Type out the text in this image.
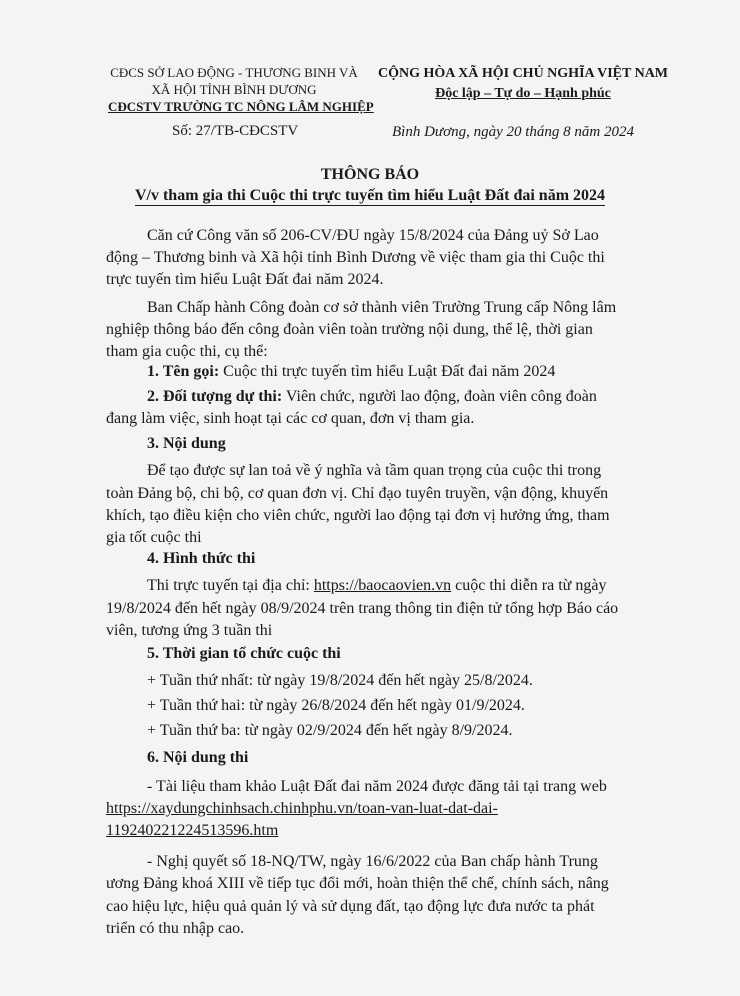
CĐCS SỞ LAO ĐỘNG - THƯƠNG BINH VÀ
XÃ HỘI TỈNH BÌNH DƯƠNG
CĐCSTV TRƯỜNG TC NÔNG LÂM NGHIỆP
CỘNG HÒA XÃ HỘI CHỦ NGHĨA VIỆT NAM
Độc lập – Tự do – Hạnh phúc
Số: 27/TB-CĐCSTV	Bình Dương, ngày 20 tháng 8 năm 2024
THÔNG BÁO
V/v tham gia thi Cuộc thi trực tuyến tìm hiểu Luật Đất đai năm 2024
Căn cứ Công văn số 206-CV/ĐU ngày 15/8/2024 của Đảng uỷ Sở Lao
động – Thương binh và Xã hội tỉnh Bình Dương về việc tham gia thi Cuộc thi
trực tuyến tìm hiểu Luật Đất đai năm 2024.
Ban Chấp hành Công đoàn cơ sở thành viên Trường Trung cấp Nông lâm
nghiệp thông báo đến công đoàn viên toàn trường nội dung, thể lệ, thời gian
tham gia cuộc thi, cụ thể:
1. Tên gọi: Cuộc thi trực tuyến tìm hiểu Luật Đất đai năm 2024
2. Đối tượng dự thi: Viên chức, người lao động, đoàn viên công đoàn
đang làm việc, sinh hoạt tại các cơ quan, đơn vị tham gia.
3. Nội dung
Để tạo được sự lan toả về ý nghĩa và tầm quan trọng của cuộc thi trong
toàn Đảng bộ, chi bộ, cơ quan đơn vị. Chỉ đạo tuyên truyền, vận động, khuyến
khích, tạo điều kiện cho viên chức, người lao động tại đơn vị hưởng ứng, tham
gia tốt cuộc thi
4. Hình thức thi
Thi trực tuyến tại địa chỉ: https://baocaovien.vn cuộc thi diễn ra từ ngày
19/8/2024 đến hết ngày 08/9/2024 trên trang thông tin điện tử tổng hợp Báo cáo
viên, tương ứng 3 tuần thi
5. Thời gian tổ chức cuộc thi
+ Tuần thứ nhất: từ ngày 19/8/2024 đến hết ngày 25/8/2024.
+ Tuần thứ hai: từ ngày 26/8/2024 đến hết ngày 01/9/2024.
+ Tuần thứ ba: từ ngày 02/9/2024 đến hết ngày 8/9/2024.
6. Nội dung thi
- Tài liệu tham khảo Luật Đất đai năm 2024 được đăng tải tại trang web
https://xaydungchinhsach.chinhphu.vn/toan-van-luat-dat-dai-
119240221224513596.htm
- Nghị quyết số 18-NQ/TW, ngày 16/6/2022 của Ban chấp hành Trung
ương Đảng khoá XIII về tiếp tục đổi mới, hoàn thiện thể chế, chính sách, nâng
cao hiệu lực, hiệu quả quản lý và sử dụng đất, tạo động lực đưa nước ta phát
triển có thu nhập cao.
